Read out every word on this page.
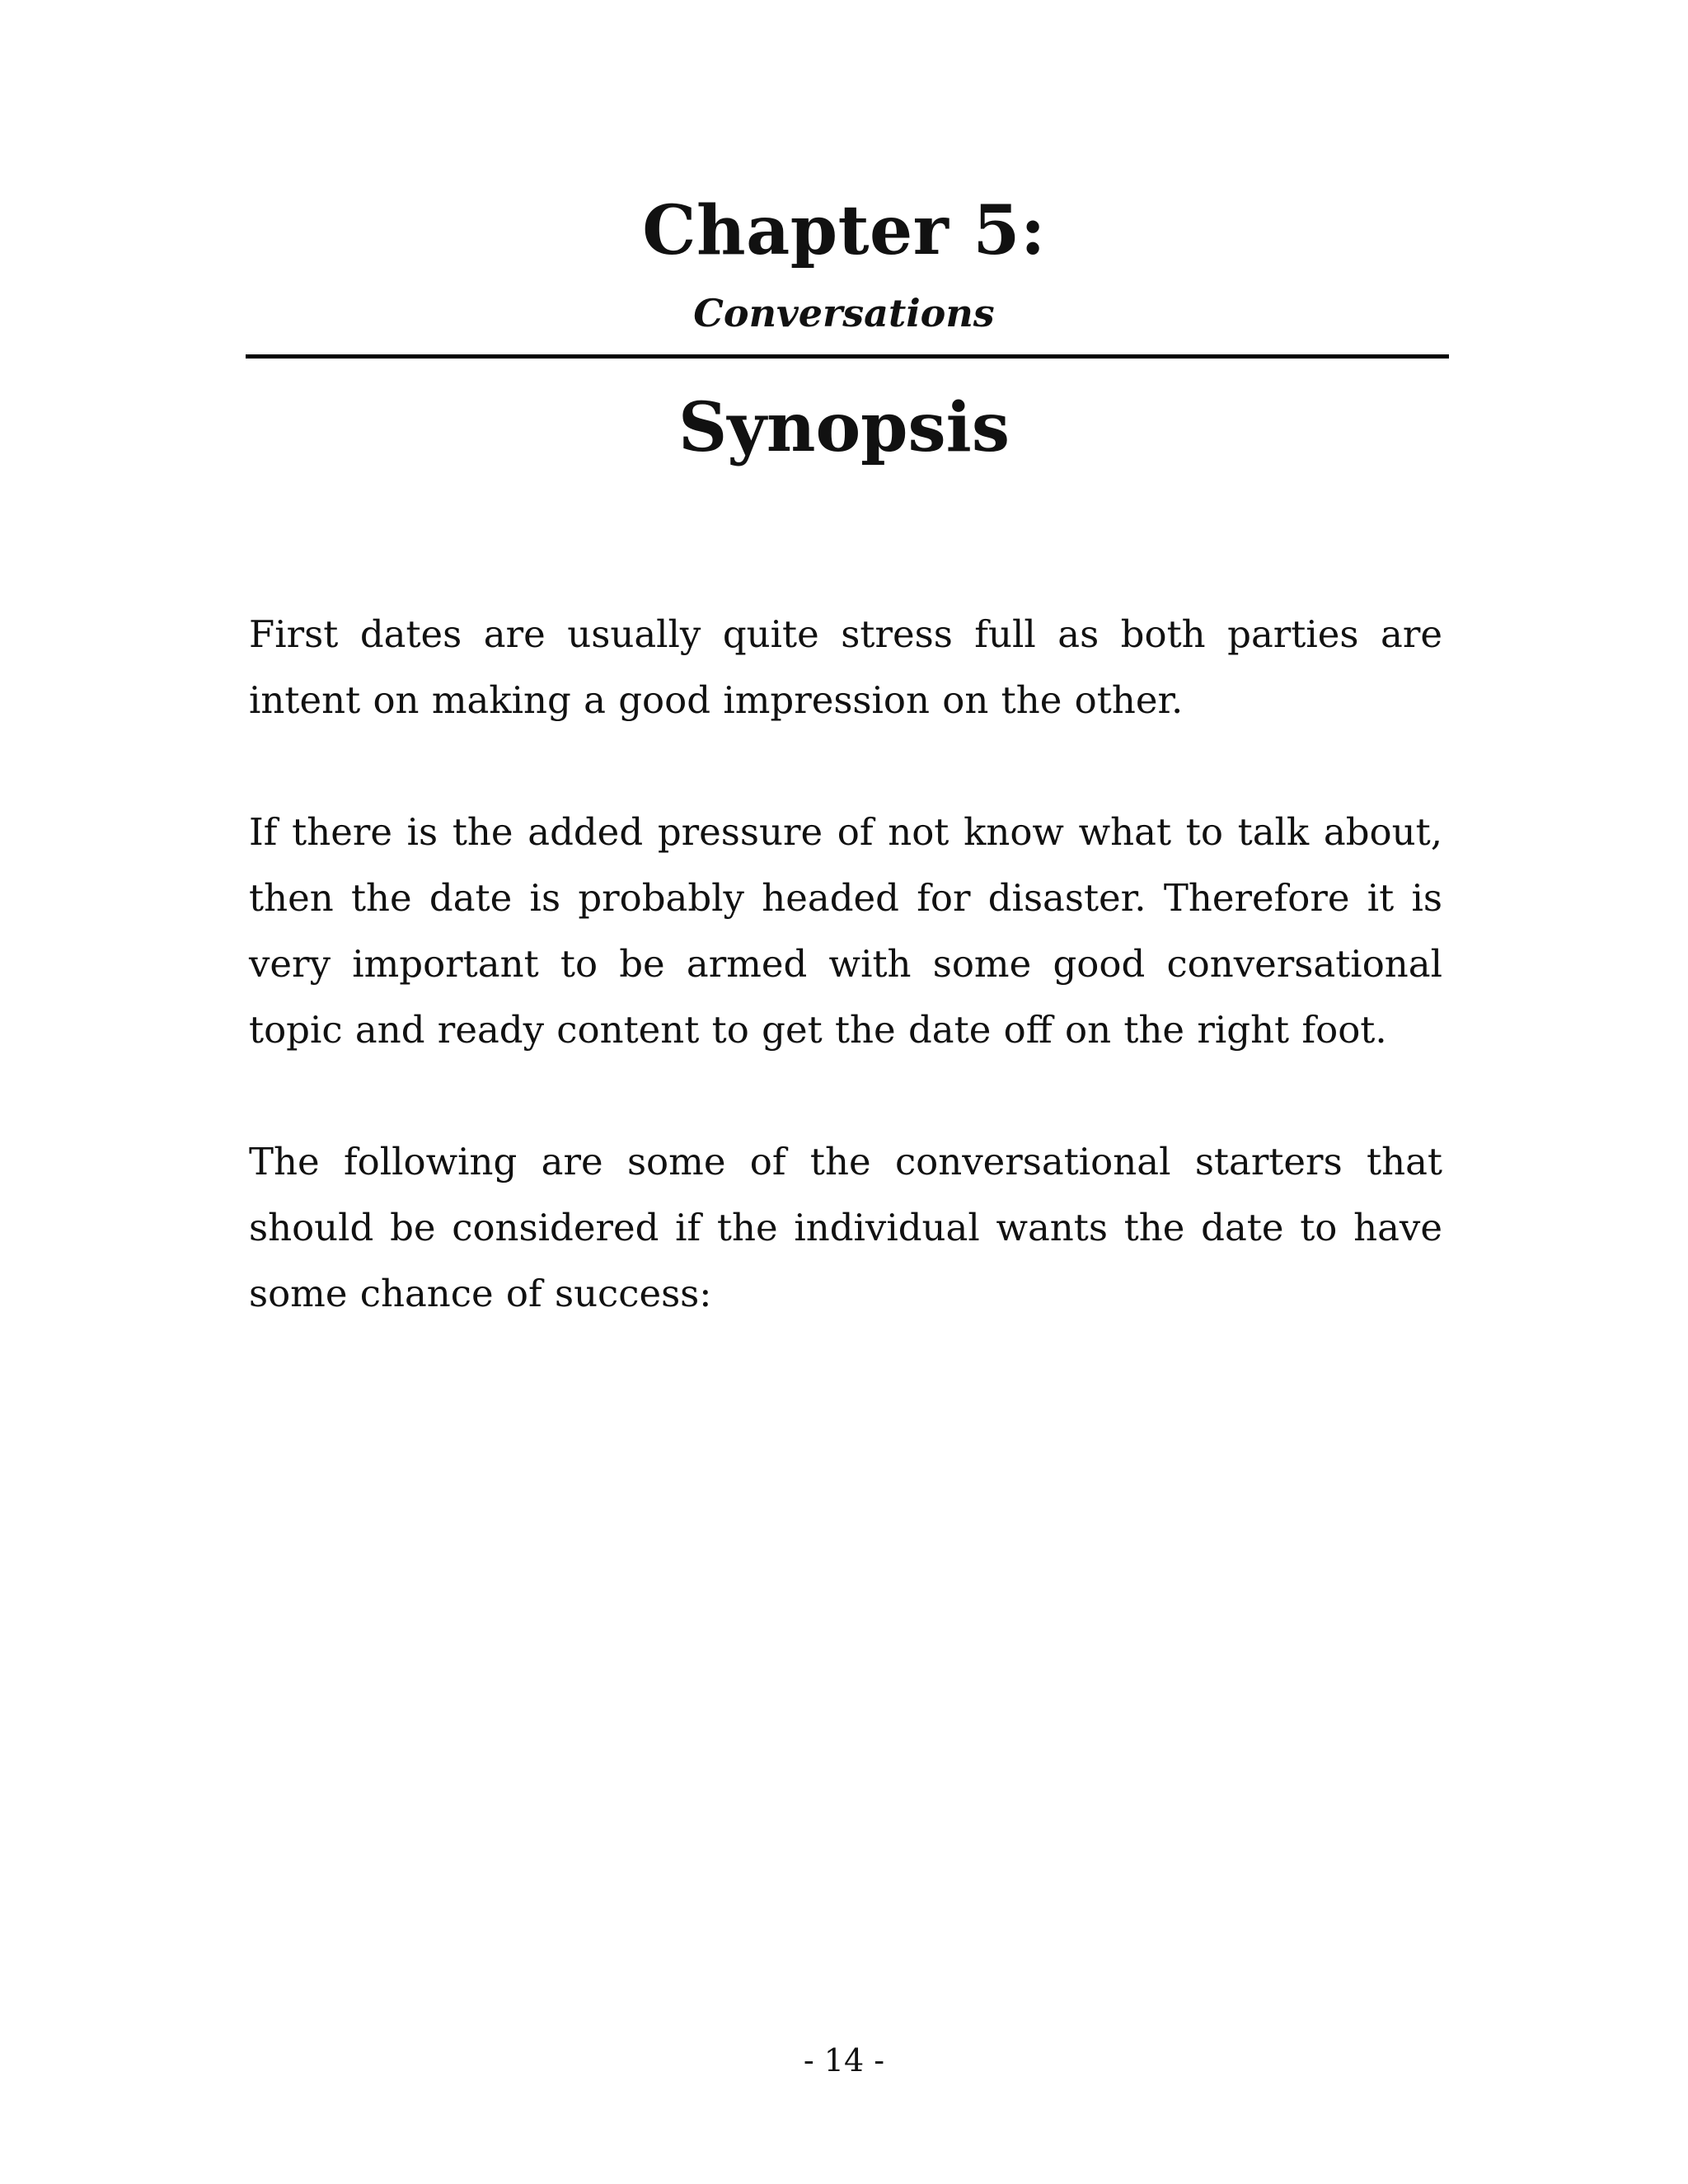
Chapter 5:
Conversations
Synopsis

First dates are usually quite stress full as both parties are intent on making a good impression on the other.

If there is the added pressure of not know what to talk about, then the date is probably headed for disaster. Therefore it is very important to be armed with some good conversational topic and ready content to get the date off on the right foot.

The following are some of the conversational starters that should be considered if the individual wants the date to have some chance of success:

- 14 -
